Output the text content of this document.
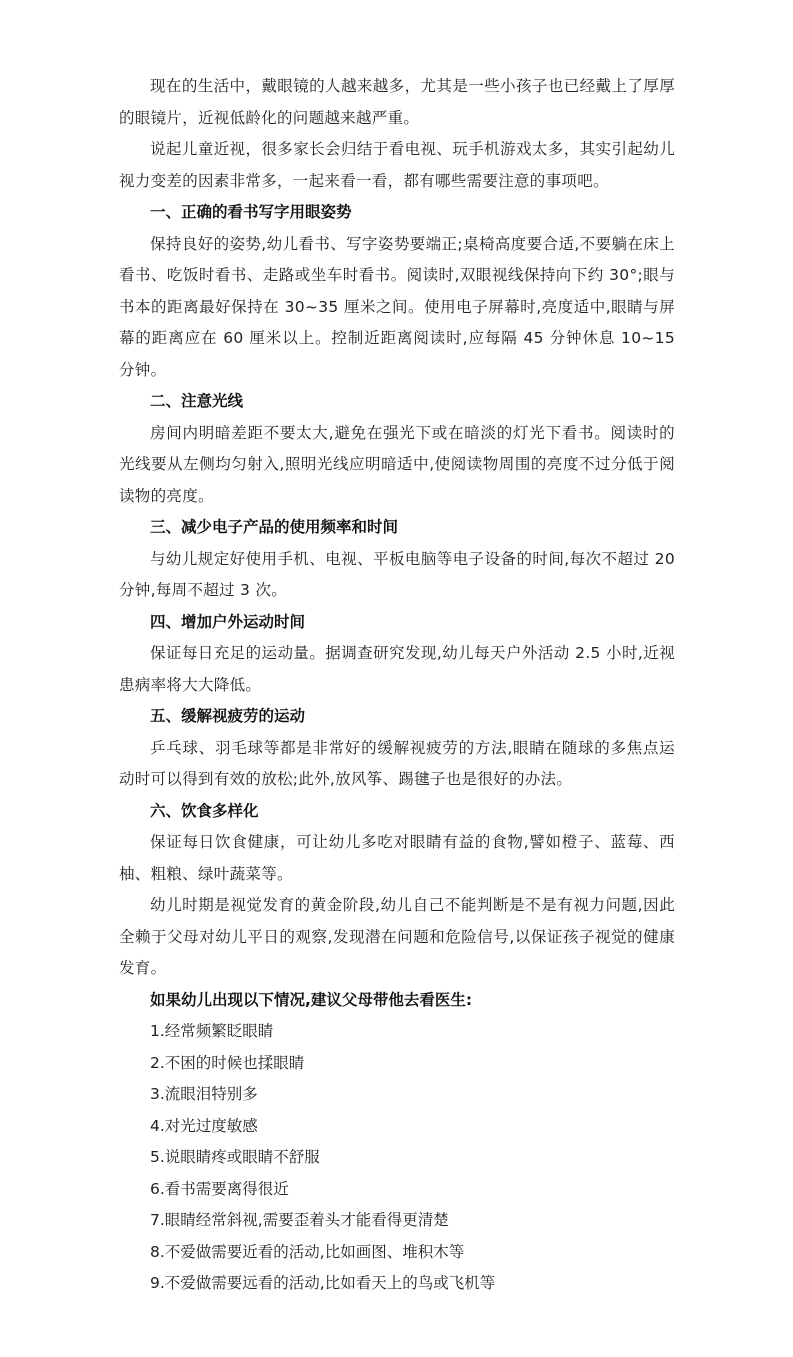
现在的生活中，戴眼镜的人越来越多，尤其是一些小孩子也已经戴上了厚厚的眼镜片，近视低龄化的问题越来越严重。

说起儿童近视，很多家长会归结于看电视、玩手机游戏太多，其实引起幼儿视力变差的因素非常多，一起来看一看，都有哪些需要注意的事项吧。

一、正确的看书写字用眼姿势

保持良好的姿势,幼儿看书、写字姿势要端正;桌椅高度要合适,不要躺在床上看书、吃饭时看书、走路或坐车时看书。阅读时,双眼视线保持向下约 30°;眼与书本的距离最好保持在 30~35 厘米之间。使用电子屏幕时,亮度适中,眼睛与屏幕的距离应在 60 厘米以上。控制近距离阅读时,应每隔 45 分钟休息 10~15 分钟。

二、注意光线

房间内明暗差距不要太大,避免在强光下或在暗淡的灯光下看书。阅读时的光线要从左侧均匀射入,照明光线应明暗适中,使阅读物周围的亮度不过分低于阅读物的亮度。

三、减少电子产品的使用频率和时间

与幼儿规定好使用手机、电视、平板电脑等电子设备的时间,每次不超过 20 分钟,每周不超过 3 次。

四、增加户外运动时间

保证每日充足的运动量。据调查研究发现,幼儿每天户外活动 2.5 小时,近视患病率将大大降低。

五、缓解视疲劳的运动

乒乓球、羽毛球等都是非常好的缓解视疲劳的方法,眼睛在随球的多焦点运动时可以得到有效的放松;此外,放风筝、踢毽子也是很好的办法。

六、饮食多样化

保证每日饮食健康，可让幼儿多吃对眼睛有益的食物,譬如橙子、蓝莓、西柚、粗粮、绿叶蔬菜等。

幼儿时期是视觉发育的黄金阶段,幼儿自己不能判断是不是有视力问题,因此全赖于父母对幼儿平日的观察,发现潜在问题和危险信号,以保证孩子视觉的健康发育。

如果幼儿出现以下情况,建议父母带他去看医生:

1.经常频繁眨眼睛
2.不困的时候也揉眼睛
3.流眼泪特别多
4.对光过度敏感
5.说眼睛疼或眼睛不舒服
6.看书需要离得很近
7.眼睛经常斜视,需要歪着头才能看得更清楚
8.不爱做需要近看的活动,比如画图、堆积木等
9.不爱做需要远看的活动,比如看天上的鸟或飞机等
